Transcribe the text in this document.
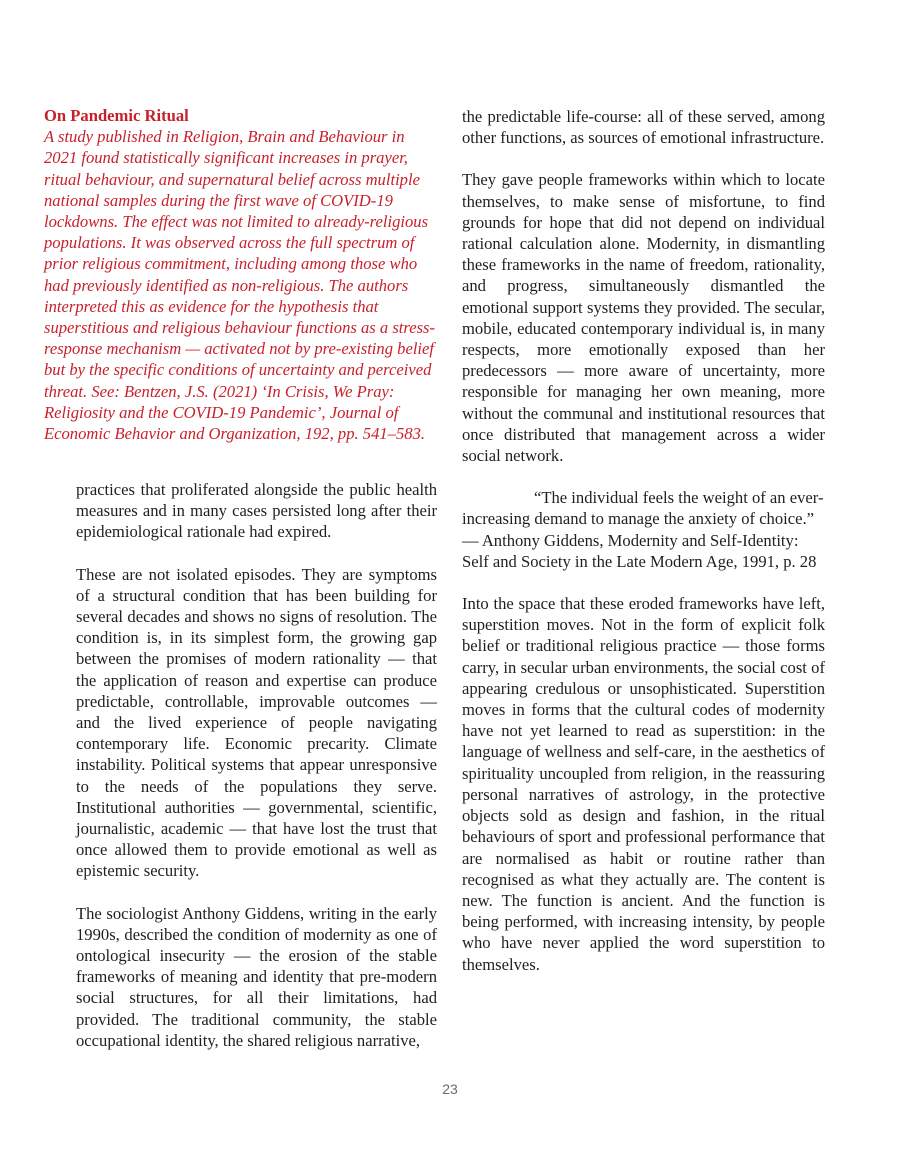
On Pandemic Ritual

A study published in Religion, Brain and Behaviour in 2021 found statistically significant increases in prayer, ritual behaviour, and supernatural belief across multiple national samples during the first wave of COVID-19 lockdowns. The effect was not limited to already-religious populations. It was observed across the full spectrum of prior religious commitment, including among those who had previously identified as non-religious. The authors interpreted this as evidence for the hypothesis that superstitious and religious behaviour functions as a stress-response mechanism — activated not by pre-existing belief but by the specific conditions of uncertainty and perceived threat. See: Bentzen, J.S. (2021) ‘In Crisis, We Pray: Religiosity and the COVID-19 Pandemic’, Journal of Economic Behavior and Organization, 192, pp. 541–583.

practices that proliferated alongside the public health measures and in many cases persisted long after their epidemiological rationale had expired.

These are not isolated episodes. They are symptoms of a structural condition that has been building for several decades and shows no signs of resolution. The condition is, in its simplest form, the growing gap between the promises of modern rationality — that the application of reason and expertise can produce predictable, controllable, improvable outcomes — and the lived experience of people navigating contemporary life. Economic precarity. Climate instability. Political systems that appear unresponsive to the needs of the populations they serve. Institutional authorities — governmental, scientific, journalistic, academic — that have lost the trust that once allowed them to provide emotional as well as epistemic security.

The sociologist Anthony Giddens, writing in the early 1990s, described the condition of modernity as one of ontological insecurity — the erosion of the stable frameworks of meaning and identity that pre-modern social structures, for all their limitations, had provided. The traditional community, the stable occupational identity, the shared religious narrative,

the predictable life-course: all of these served, among other functions, as sources of emotional infrastructure.

They gave people frameworks within which to locate themselves, to make sense of misfortune, to find grounds for hope that did not depend on individual rational calculation alone. Modernity, in dismantling these frameworks in the name of freedom, rationality, and progress, simultaneously dismantled the emotional support systems they provided. The secular, mobile, educated contemporary individual is, in many respects, more emotionally exposed than her predecessors — more aware of uncertainty, more responsible for managing her own meaning, more without the communal and institutional resources that once distributed that management across a wider social network.

“The individual feels the weight of an ever-increasing demand to manage the anxiety of choice.” — Anthony Giddens, Modernity and Self-Identity: Self and Society in the Late Modern Age, 1991, p. 28

Into the space that these eroded frameworks have left, superstition moves. Not in the form of explicit folk belief or traditional religious practice — those forms carry, in secular urban environments, the social cost of appearing credulous or unsophisticated. Superstition moves in forms that the cultural codes of modernity have not yet learned to read as superstition: in the language of wellness and self-care, in the aesthetics of spirituality uncoupled from religion, in the reassuring personal narratives of astrology, in the protective objects sold as design and fashion, in the ritual behaviours of sport and professional performance that are normalised as habit or routine rather than recognised as what they actually are. The content is new. The function is ancient. And the function is being performed, with increasing intensity, by people who have never applied the word superstition to themselves.

23
